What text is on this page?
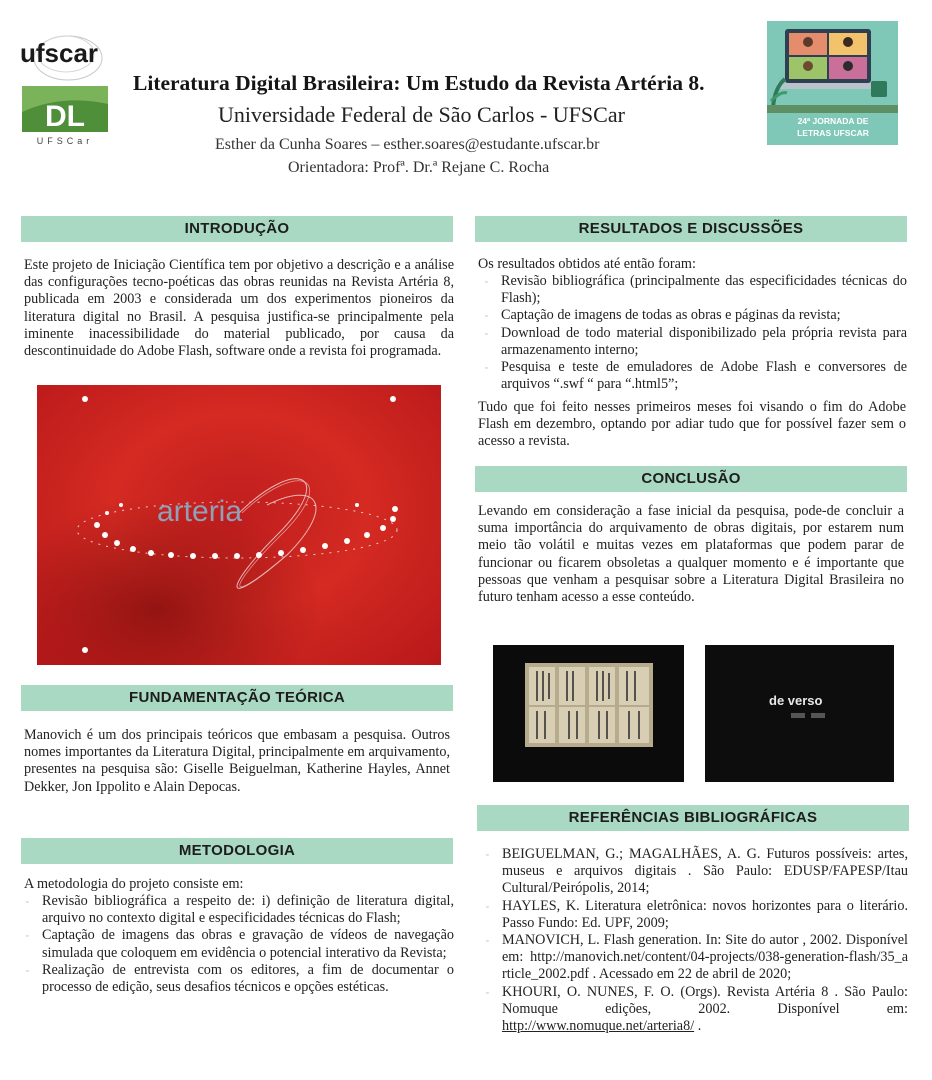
ufscar
DL
UFSCar
Literatura Digital Brasileira: Um Estudo da Revista Artéria 8.
Universidade Federal de São Carlos - UFSCar
Esther da Cunha Soares – esther.soares@estudante.ufscar.br
Orientadora: Profª. Dr.ª Rejane C. Rocha
24ª JORNADA DE LETRAS UFSCAR
INTRODUÇÃO
Este projeto de Iniciação Científica tem por objetivo a descrição e a análise das configurações tecno-poéticas das obras reunidas na Revista Artéria 8, publicada em 2003 e considerada um dos experimentos pioneiros da literatura digital no Brasil. A pesquisa justifica-se principalmente pela iminente inacessibilidade do material publicado, por causa da descontinuidade do Adobe Flash, software onde a revista foi programada.
arteria
FUNDAMENTAÇÃO TEÓRICA
Manovich é um dos principais teóricos que embasam a pesquisa. Outros nomes importantes da Literatura Digital, principalmente em arquivamento, presentes na pesquisa são: Giselle Beiguelman, Katherine Hayles, Annet Dekker, Jon Ippolito e Alain Depocas.
METODOLOGIA
A metodologia do projeto consiste em:
▫ Revisão bibliográfica a respeito de: i) definição de literatura digital, arquivo no contexto digital e especificidades técnicas do Flash;
▫ Captação de imagens das obras e gravação de vídeos de navegação simulada que coloquem em evidência o potencial interativo da Revista;
▫ Realização de entrevista com os editores, a fim de documentar o processo de edição, seus desafios técnicos e opções estéticas.
RESULTADOS E DISCUSSÕES
Os resultados obtidos até então foram:
▫ Revisão bibliográfica (principalmente das especificidades técnicas do Flash);
▫ Captação de imagens de todas as obras e páginas da revista;
▫ Download de todo material disponibilizado pela própria revista para armazenamento interno;
▫ Pesquisa e teste de emuladores de Adobe Flash e conversores de arquivos “.swf “ para “.html5”;
Tudo que foi feito nesses primeiros meses foi visando o fim do Adobe Flash em dezembro, optando por adiar tudo que for possível fazer sem o acesso a revista.
CONCLUSÃO
Levando em consideração a fase inicial da pesquisa, pode-de concluir a suma importância do arquivamento de obras digitais, por estarem num meio tão volátil e muitas vezes em plataformas que podem parar de funcionar ou ficarem obsoletas a qualquer momento e é importante que pessoas que venham a pesquisar sobre a Literatura Digital Brasileira no futuro tenham acesso a esse conteúdo.
de verso
REFERÊNCIAS BIBLIOGRÁFICAS
▫ BEIGUELMAN, G.; MAGALHÃES, A. G. Futuros possíveis: artes, museus e arquivos digitais . São Paulo: EDUSP/FAPESP/Itau Cultural/Peirópolis, 2014;
▫ HAYLES, K. Literatura eletrônica: novos horizontes para o literário. Passo Fundo: Ed. UPF, 2009;
▫ MANOVICH, L. Flash generation. In: Site do autor , 2002. Disponível em: http://manovich.net/content/04-projects/038-generation-flash/35_article_2002.pdf . Acessado em 22 de abril de 2020;
▫ KHOURI, O. NUNES, F. O. (Orgs). Revista Artéria 8 . São Paulo: Nomuque edições, 2002. Disponível em: http://www.nomuque.net/arteria8/ .
